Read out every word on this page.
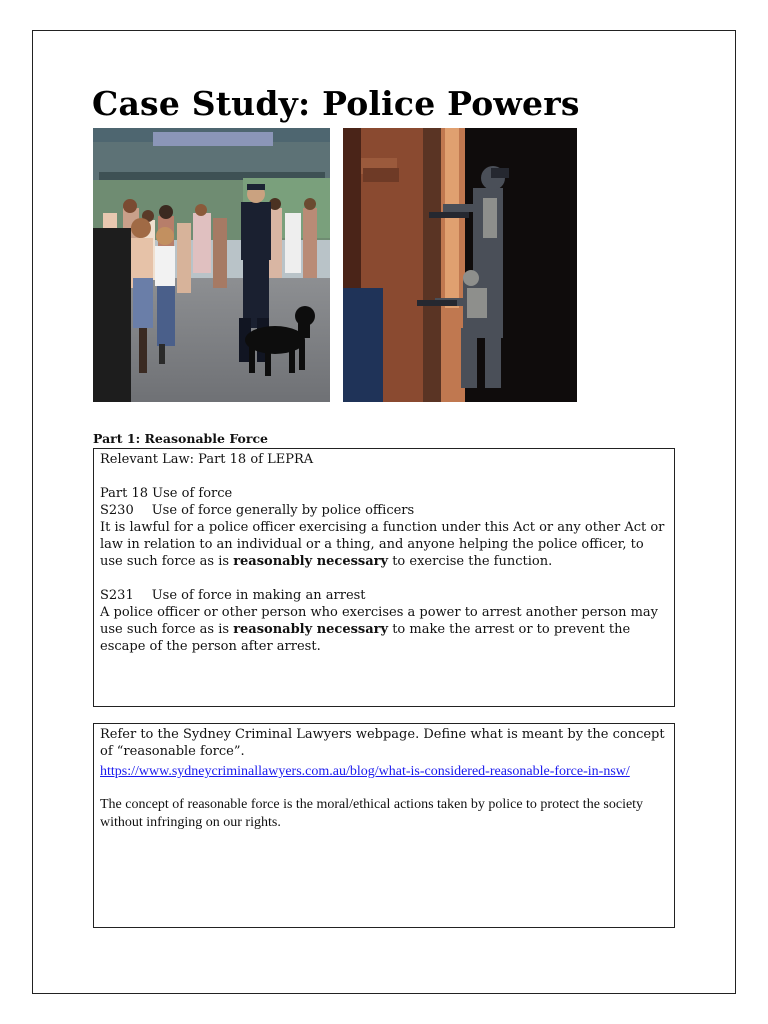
Case Study: Police Powers
Part 1: Reasonable Force

Relevant Law: Part 18 of LEPRA

Part 18 Use of force

S230 Use of force generally by police officers

It is lawful for a police officer exercising a function under this Act or any other Act or law in relation to an individual or a thing, and anyone helping the police officer, to use such force as is reasonably necessary to exercise the function.

S231 Use of force in making an arrest

A police officer or other person who exercises a power to arrest another person may use such force as is reasonably necessary to make the arrest or to prevent the escape of the person after arrest.

Refer to the Sydney Criminal Lawyers webpage. Define what is meant by the concept of “reasonable force”.

https://www.sydneycriminallawyers.com.au/blog/what-is-considered-reasonable-force-in-nsw/

The concept of reasonable force is the moral/ethical actions taken by police to protect the society without infringing on our rights.
